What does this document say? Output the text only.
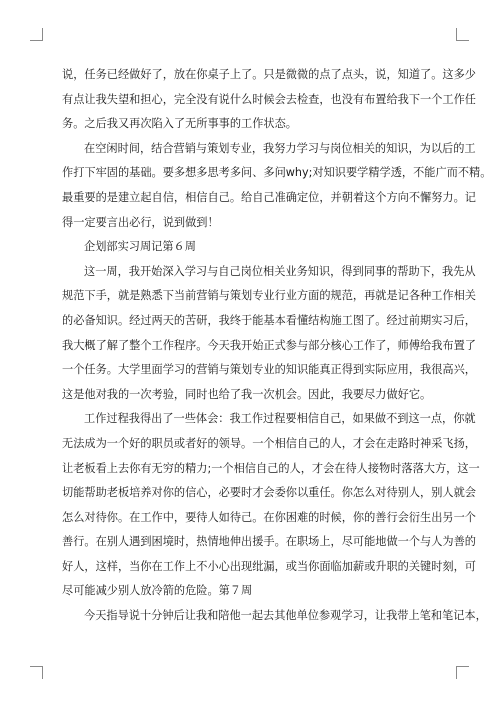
说，任务已经做好了，放在你桌子上了。只是微微的点了点头，说，知道了。这多少
有点让我失望和担心，完全没有说什么时候会去检查，也没有布置给我下一个工作任
务。之后我又再次陷入了无所事事的工作状态。
在空闲时间，结合营销与策划专业，我努力学习与岗位相关的知识，为以后的工
作打下牢固的基础。要多想多思考多问、多问why;对知识要学精学透，不能广而不精。
最重要的是建立起自信，相信自己。给自己准确定位，并朝着这个方向不懈努力。记
得一定要言出必行，说到做到！
企划部实习周记第６周
这一周，我开始深入学习与自己岗位相关业务知识，得到同事的帮助下，我先从
规范下手，就是熟悉下当前营销与策划专业行业方面的规范，再就是记各种工作相关
的必备知识。经过两天的苦研，我终于能基本看懂结构施工图了。经过前期实习后，
我大概了解了整个工作程序。今天我开始正式参与部分核心工作了，师傅给我布置了
一个任务。大学里面学习的营销与策划专业的知识能真正得到实际应用，我很高兴，
这是他对我的一次考验，同时也给了我一次机会。因此，我要尽力做好它。
工作过程我得出了一些体会：我工作过程要相信自己，如果做不到这一点，你就
无法成为一个好的职员或者好的领导。一个相信自己的人，才会在走路时神采飞扬，
让老板看上去你有无穷的精力;一个相信自己的人，才会在待人接物时落落大方，这一
切能帮助老板培养对你的信心，必要时才会委你以重任。你怎么对待别人，别人就会
怎么对待你。在工作中，要待人如待己。在你困难的时候，你的善行会衍生出另一个
善行。在别人遇到困境时，热情地伸出援手。在职场上，尽可能地做一个与人为善的
好人，这样，当你在工作上不小心出现纰漏，或当你面临加薪或升职的关键时刻，可
尽可能减少别人放冷箭的危险。第７周
今天指导说十分钟后让我和陪他一起去其他单位参观学习，让我带上笔和笔记本，
